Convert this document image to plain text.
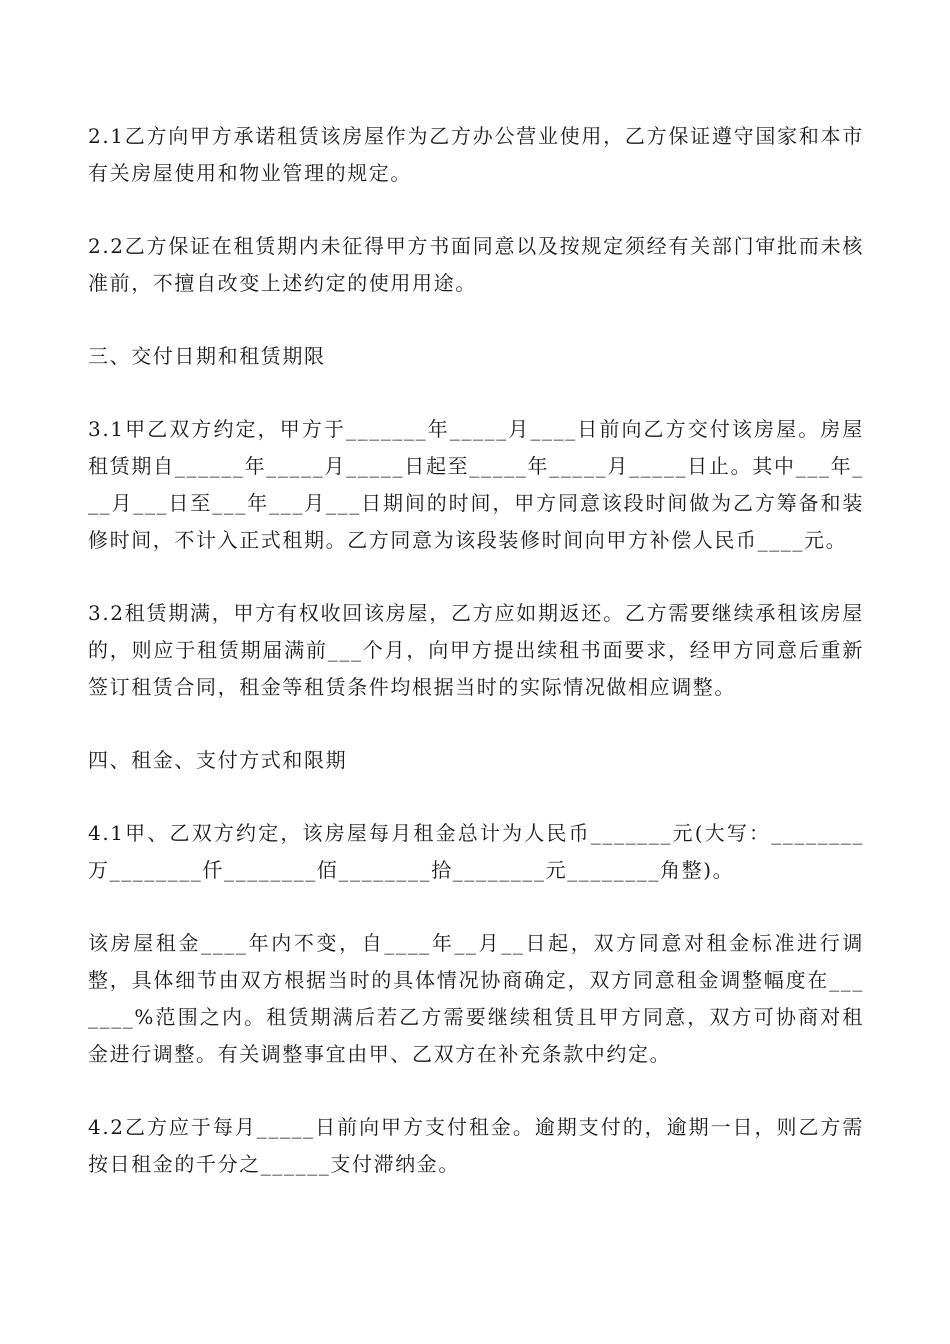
2.1乙方向甲方承诺租赁该房屋作为乙方办公营业使用，乙方保证遵守国家和本市有关房屋使用和物业管理的规定。

2.2乙方保证在租赁期内未征得甲方书面同意以及按规定须经有关部门审批而未核准前，不擅自改变上述约定的使用用途。

三、交付日期和租赁期限

3.1甲乙双方约定，甲方于_______年_____月____日前向乙方交付该房屋。房屋租赁期自______年_____月_____日起至_____年_____月_____日止。其中___年___月___日至___年___月___日期间的时间，甲方同意该段时间做为乙方筹备和装修时间，不计入正式租期。乙方同意为该段装修时间向甲方补偿人民币____元。

3.2租赁期满，甲方有权收回该房屋，乙方应如期返还。乙方需要继续承租该房屋的，则应于租赁期届满前___个月，向甲方提出续租书面要求，经甲方同意后重新签订租赁合同，租金等租赁条件均根据当时的实际情况做相应调整。

四、租金、支付方式和限期

4.1甲、乙双方约定，该房屋每月租金总计为人民币_______元(大写：________万________仟________佰________拾________元________角整)。

该房屋租金____年内不变，自____年__月__日起，双方同意对租金标准进行调整，具体细节由双方根据当时的具体情况协商确定，双方同意租金调整幅度在_______%范围之内。租赁期满后若乙方需要继续租赁且甲方同意，双方可协商对租金进行调整。有关调整事宜由甲、乙双方在补充条款中约定。

4.2乙方应于每月_____日前向甲方支付租金。逾期支付的，逾期一日，则乙方需按日租金的千分之______支付滞纳金。
